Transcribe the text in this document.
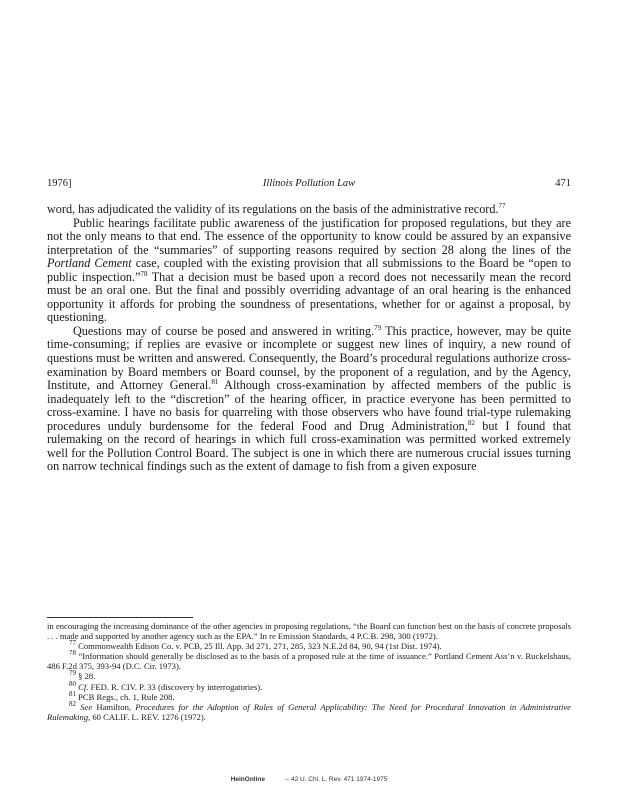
1976]	Illinois Pollution Law	471

word, has adjudicated the validity of its regulations on the basis of the administrative record.$^{77}$

Public hearings facilitate public awareness of the justification for proposed regulations, but they are not the only means to that end. The essence of the opportunity to know could be assured by an expansive interpretation of the “summaries” of supporting reasons required by section 28 along the lines of the Portland Cement case, coupled with the existing provision that all submissions to the Board be “open to public inspection.”$^{78}$ That a decision must be based upon a record does not necessarily mean the record must be an oral one. But the final and possibly overriding advantage of an oral hearing is the enhanced opportunity it affords for probing the soundness of presentations, whether for or against a proposal, by questioning.

Questions may of course be posed and answered in writing.$^{79}$ This practice, however, may be quite time-consuming; if replies are evasive or incomplete or suggest new lines of inquiry, a new round of questions must be written and answered. Consequently, the Board’s procedural regulations authorize cross-examination by Board members or Board counsel, by the proponent of a regulation, and by the Agency, Institute, and Attorney General.$^{81}$ Although cross-examination by affected members of the public is inadequately left to the “discretion” of the hearing officer, in practice everyone has been permitted to cross-examine. I have no basis for quarreling with those observers who have found trial-type rulemaking procedures unduly burdensome for the federal Food and Drug Administration,$^{82}$ but I found that rulemaking on the record of hearings in which full cross-examination was permitted worked extremely well for the Pollution Control Board. The subject is one in which there are numerous crucial issues turning on narrow technical findings such as the extent of damage to fish from a given exposure

in encouraging the increasing dominance of the other agencies in proposing regulations, “the Board can function best on the basis of concrete proposals . . . made and supported by another agency such as the EPA.” In re Emission Standards, 4 P.C.B. 298, 300 (1972).

$^{77}$ Commonwealth Edison Co. v. PCB, 25 Ill. App. 3d 271, 271, 285, 323 N.E.2d 84, 90, 94 (1st Dist. 1974).

$^{78}$ “Information should generally be disclosed as to the basis of a proposed rule at the time of issuance.” Portland Cement Ass’n v. Ruckelshaus, 486 F.2d 375, 393-94 (D.C. Cir. 1973).

$^{79}$ § 28.

$^{80}$ Cf. FED. R. CIV. P. 33 (discovery by interrogatories).

$^{81}$ PCB Regs., ch. 1, Rule 208.

$^{82}$ See Hamilton, Procedures for the Adoption of Rules of General Applicability: The Need for Procedural Innovation in Administrative Rulemaking, 60 CALIF. L. REV. 1276 (1972).

HeinOnline	-- 42 U. Chi. L. Rev. 471 1974-1975
